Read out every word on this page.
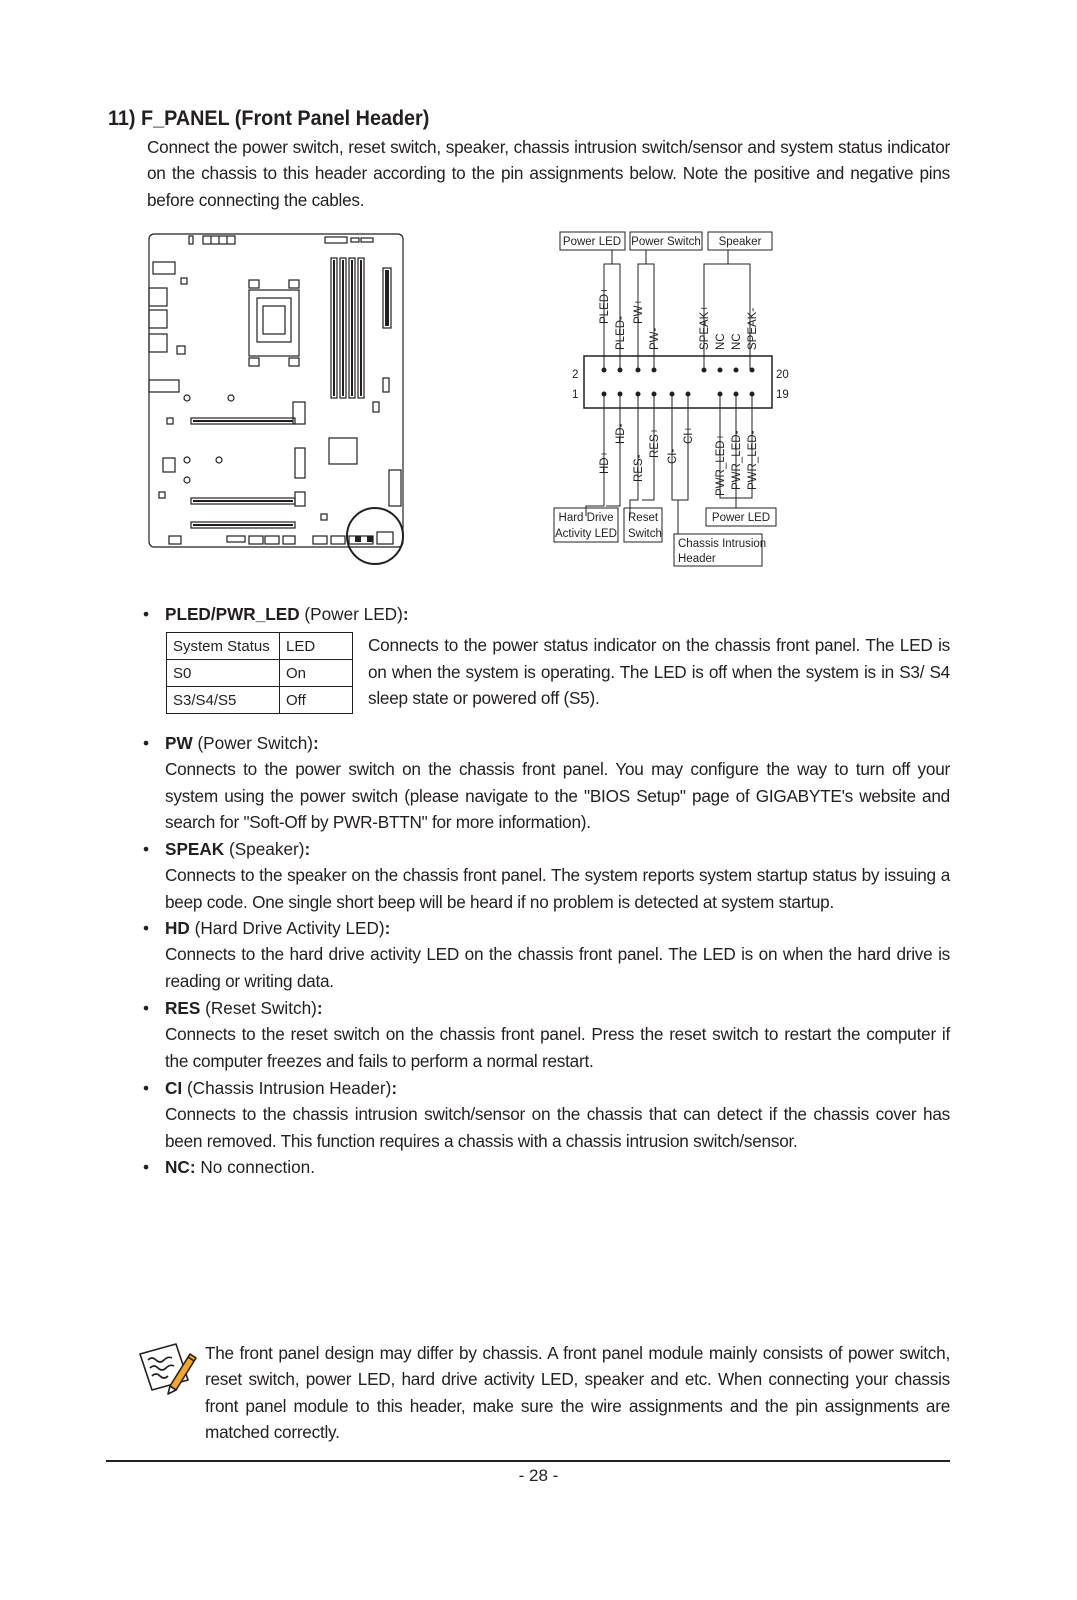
11) F_PANEL (Front Panel Header)
Connect the power switch, reset switch, speaker, chassis intrusion switch/sensor and system status indicator on the chassis to this header according to the pin assignments below. Note the positive and negative pins before connecting the cables.
Power LED Power Switch Speaker
PLED+
PLED-
PW+
PW-	SPEAK+ NC NC SPEAK-
2
1
20
19
HD+
HD-
RES-
RES+ CI-
CI+ PWR_LED+ PWR_LED- PWR_LED-
Hard Drive
Activity LED
Reset
Switch
Power LED
Chassis Intrusion
Header
• PLED/PWR_LED (Power LED):
System Status	LED
S0	On
S3/S4/S5	Off
Connects to the power status indicator on the chassis front panel. The LED is on when the system is operating. The LED is off when the system is in S3/ S4 sleep state or powered off (S5).
• PW (Power Switch):
Connects to the power switch on the chassis front panel. You may configure the way to turn off your system using the power switch (please navigate to the "BIOS Setup" page of GIGABYTE's website and search for "Soft-Off by PWR-BTTN" for more information).
• SPEAK (Speaker):
Connects to the speaker on the chassis front panel. The system reports system startup status by issuing a beep code. One single short beep will be heard if no problem is detected at system startup.
• HD (Hard Drive Activity LED):
Connects to the hard drive activity LED on the chassis front panel. The LED is on when the hard drive is reading or writing data.
• RES (Reset Switch):
Connects to the reset switch on the chassis front panel. Press the reset switch to restart the computer if the computer freezes and fails to perform a normal restart.
• CI (Chassis Intrusion Header):
Connects to the chassis intrusion switch/sensor on the chassis that can detect if the chassis cover has been removed. This function requires a chassis with a chassis intrusion switch/sensor.
• NC: No connection.
The front panel design may differ by chassis. A front panel module mainly consists of power switch, reset switch, power LED, hard drive activity LED, speaker and etc. When connecting your chassis front panel module to this header, make sure the wire assignments and the pin assignments are matched correctly.
- 28 -
